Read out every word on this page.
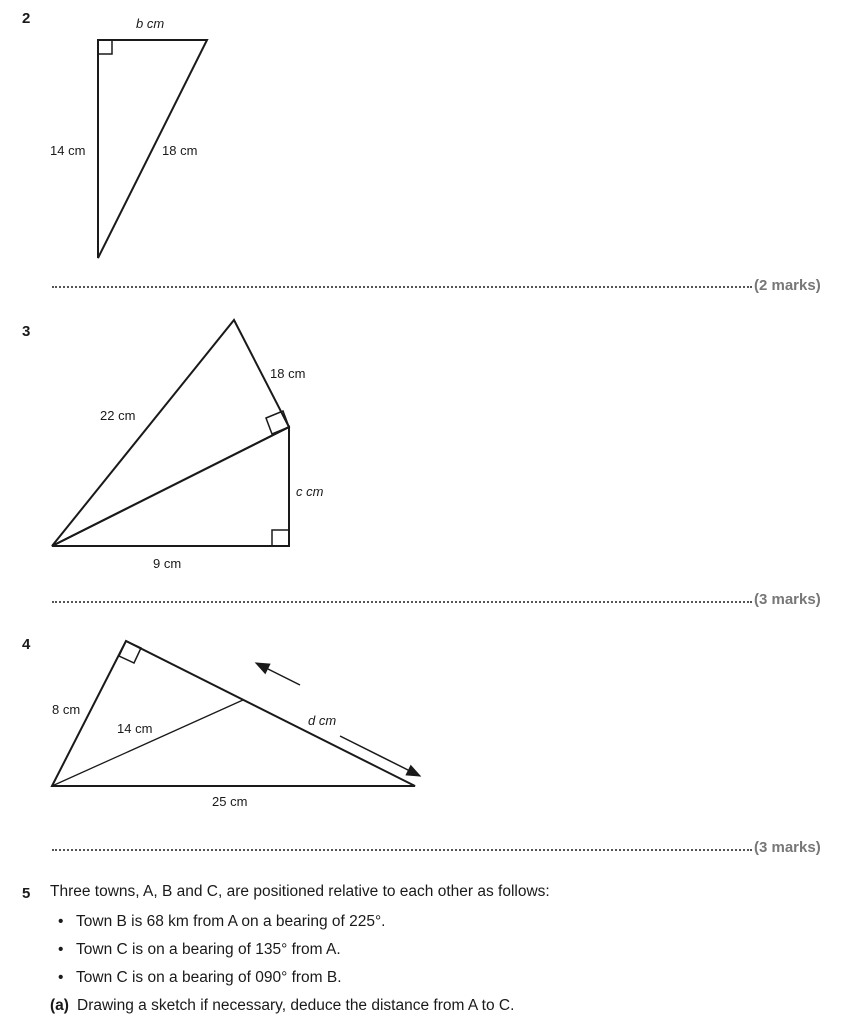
2	b cm
14 cm	18 cm
(2 marks)
3
22 cm
18 cm
c cm
9 cm
(3 marks)
4
8 cm
14 cm
d cm
25 cm
(3 marks)
5 Three towns, A, B and C, are positioned relative to each other as follows:
• Town B is 68 km from A on a bearing of 225°.
• Town C is on a bearing of 135° from A.
• Town C is on a bearing of 090° from B.
(a) Drawing a sketch if necessary, deduce the distance from A to C.
